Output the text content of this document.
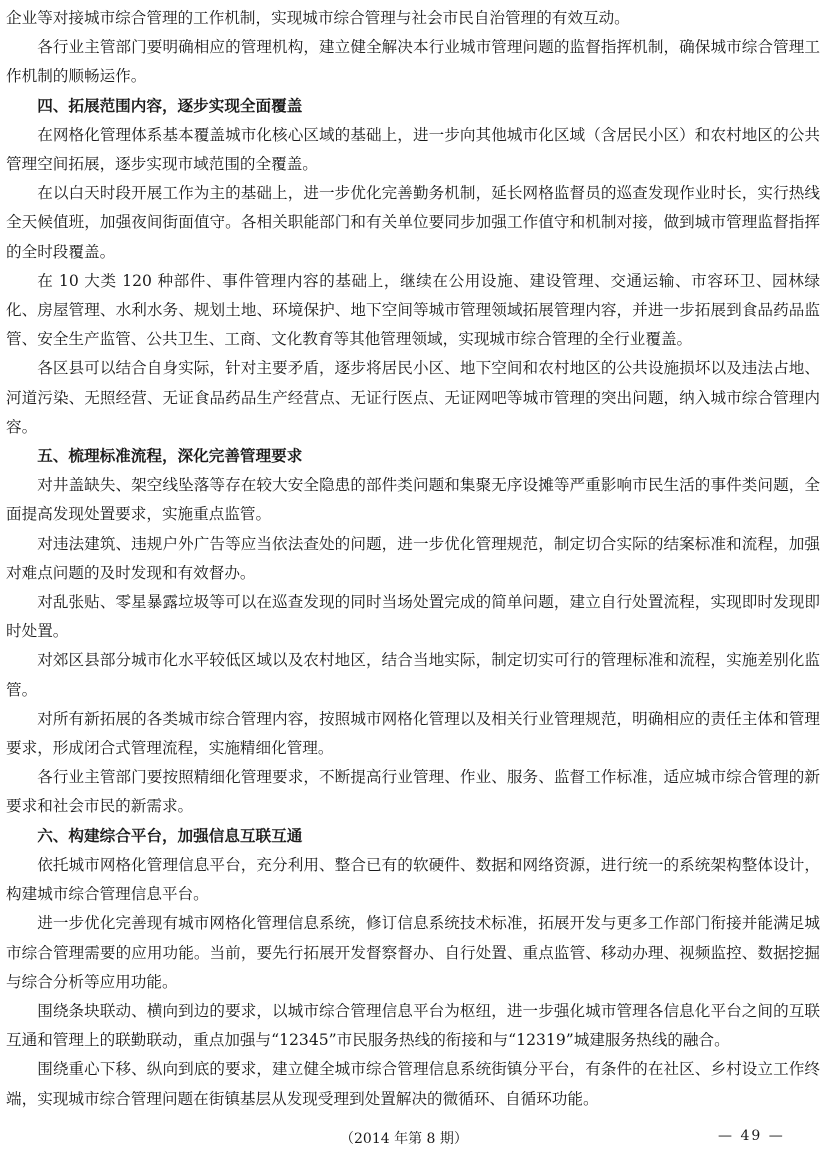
企业等对接城市综合管理的工作机制，实现城市综合管理与社会市民自治管理的有效互动。

各行业主管部门要明确相应的管理机构，建立健全解决本行业城市管理问题的监督指挥机制，确保城市综合管理工作机制的顺畅运作。

四、拓展范围内容，逐步实现全面覆盖

在网格化管理体系基本覆盖城市化核心区域的基础上，进一步向其他城市化区域（含居民小区）和农村地区的公共管理空间拓展，逐步实现市域范围的全覆盖。

在以白天时段开展工作为主的基础上，进一步优化完善勤务机制，延长网格监督员的巡查发现作业时长，实行热线全天候值班，加强夜间街面值守。各相关职能部门和有关单位要同步加强工作值守和机制对接，做到城市管理监督指挥的全时段覆盖。

在 10 大类 120 种部件、事件管理内容的基础上，继续在公用设施、建设管理、交通运输、市容环卫、园林绿化、房屋管理、水利水务、规划土地、环境保护、地下空间等城市管理领域拓展管理内容，并进一步拓展到食品药品监管、安全生产监管、公共卫生、工商、文化教育等其他管理领域，实现城市综合管理的全行业覆盖。

各区县可以结合自身实际，针对主要矛盾，逐步将居民小区、地下空间和农村地区的公共设施损坏以及违法占地、河道污染、无照经营、无证食品药品生产经营点、无证行医点、无证网吧等城市管理的突出问题，纳入城市综合管理内容。

五、梳理标准流程，深化完善管理要求

对井盖缺失、架空线坠落等存在较大安全隐患的部件类问题和集聚无序设摊等严重影响市民生活的事件类问题，全面提高发现处置要求，实施重点监管。

对违法建筑、违规户外广告等应当依法查处的问题，进一步优化管理规范，制定切合实际的结案标准和流程，加强对难点问题的及时发现和有效督办。

对乱张贴、零星暴露垃圾等可以在巡查发现的同时当场处置完成的简单问题，建立自行处置流程，实现即时发现即时处置。

对郊区县部分城市化水平较低区域以及农村地区，结合当地实际，制定切实可行的管理标准和流程，实施差别化监管。

对所有新拓展的各类城市综合管理内容，按照城市网格化管理以及相关行业管理规范，明确相应的责任主体和管理要求，形成闭合式管理流程，实施精细化管理。

各行业主管部门要按照精细化管理要求，不断提高行业管理、作业、服务、监督工作标准，适应城市综合管理的新要求和社会市民的新需求。

六、构建综合平台，加强信息互联互通

依托城市网格化管理信息平台，充分利用、整合已有的软硬件、数据和网络资源，进行统一的系统架构整体设计，构建城市综合管理信息平台。

进一步优化完善现有城市网格化管理信息系统，修订信息系统技术标准，拓展开发与更多工作部门衔接并能满足城市综合管理需要的应用功能。当前，要先行拓展开发督察督办、自行处置、重点监管、移动办理、视频监控、数据挖掘与综合分析等应用功能。

围绕条块联动、横向到边的要求，以城市综合管理信息平台为枢纽，进一步强化城市管理各信息化平台之间的互联互通和管理上的联勤联动，重点加强与“12345”市民服务热线的衔接和与“12319”城建服务热线的融合。

围绕重心下移、纵向到底的要求，建立健全城市综合管理信息系统街镇分平台，有条件的在社区、乡村设立工作终端，实现城市综合管理问题在街镇基层从发现受理到处置解决的微循环、自循环功能。

（2014 年第 8 期）	— 49 —
